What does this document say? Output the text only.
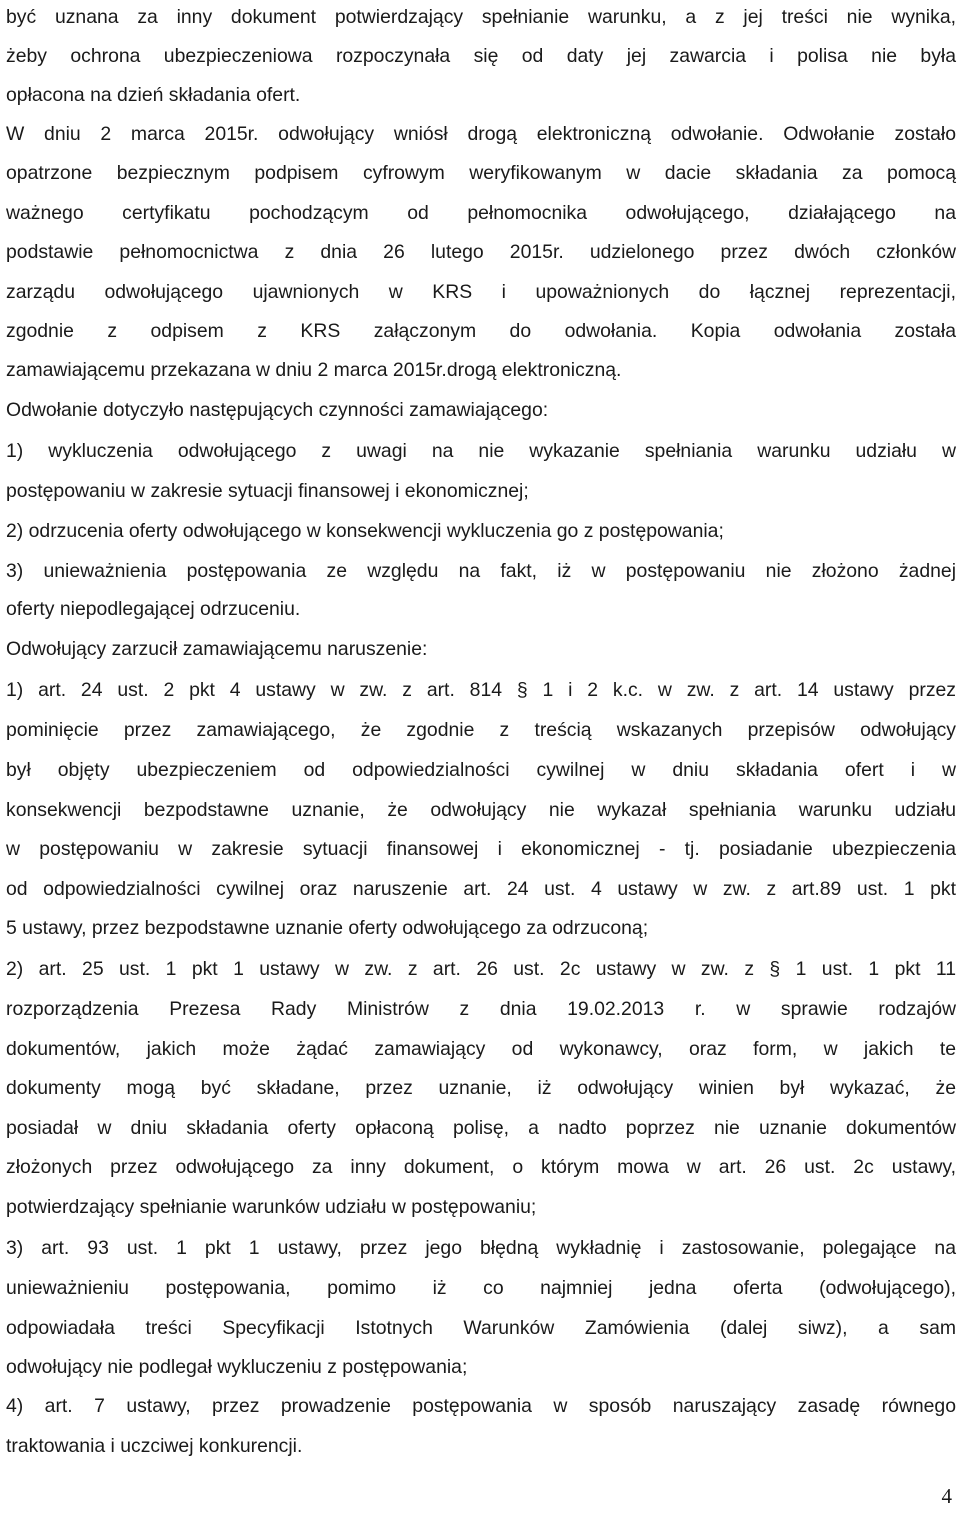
być uznana za inny dokument potwierdzający spełnianie warunku, a z jej treści nie wynika,
żeby ochrona ubezpieczeniowa rozpoczynała się od daty jej zawarcia i polisa nie była
opłacona na dzień składania ofert.
W dniu 2 marca 2015r. odwołujący wniósł drogą elektroniczną odwołanie. Odwołanie zostało
opatrzone bezpiecznym podpisem cyfrowym weryfikowanym w dacie składania za pomocą
ważnego certyfikatu pochodzącym od pełnomocnika odwołującego, działającego na
podstawie pełnomocnictwa z dnia 26 lutego 2015r. udzielonego przez dwóch członków
zarządu odwołującego ujawnionych w KRS i upoważnionych do łącznej reprezentacji,
zgodnie z odpisem z KRS załączonym do odwołania. Kopia odwołania została
zamawiającemu przekazana w dniu 2 marca 2015r.drogą elektroniczną.
Odwołanie dotyczyło następujących czynności zamawiającego:
1) wykluczenia odwołującego z uwagi na nie wykazanie spełniania warunku udziału w
postępowaniu w zakresie sytuacji finansowej i ekonomicznej;
2) odrzucenia oferty odwołującego w konsekwencji wykluczenia go z postępowania;
3) unieważnienia postępowania ze względu na fakt, iż w postępowaniu nie złożono żadnej
oferty niepodlegającej odrzuceniu.
Odwołujący zarzucił zamawiającemu naruszenie:
1) art. 24 ust. 2 pkt 4 ustawy w zw. z art. 814 § 1 i 2 k.c. w zw. z art. 14 ustawy przez
pominięcie przez zamawiającego, że zgodnie z treścią wskazanych przepisów odwołujący
był objęty ubezpieczeniem od odpowiedzialności cywilnej w dniu składania ofert i w
konsekwencji bezpodstawne uznanie, że odwołujący nie wykazał spełniania warunku udziału
w postępowaniu w zakresie sytuacji finansowej i ekonomicznej - tj. posiadanie ubezpieczenia
od odpowiedzialności cywilnej oraz naruszenie art. 24 ust. 4 ustawy w zw. z art.89 ust. 1 pkt
5 ustawy, przez bezpodstawne uznanie oferty odwołującego za odrzuconą;
2) art. 25 ust. 1 pkt 1 ustawy w zw. z art. 26 ust. 2c ustawy w zw. z § 1 ust. 1 pkt 11
rozporządzenia Prezesa Rady Ministrów z dnia 19.02.2013 r. w sprawie rodzajów
dokumentów, jakich może żądać zamawiający od wykonawcy, oraz form, w jakich te
dokumenty mogą być składane, przez uznanie, iż odwołujący winien był wykazać, że
posiadał w dniu składania oferty opłaconą polisę, a nadto poprzez nie uznanie dokumentów
złożonych przez odwołującego za inny dokument, o którym mowa w art. 26 ust. 2c ustawy,
potwierdzający spełnianie warunków udziału w postępowaniu;
3) art. 93 ust. 1 pkt 1 ustawy, przez jego błędną wykładnię i zastosowanie, polegające na
unieważnieniu postępowania, pomimo iż co najmniej jedna oferta (odwołującego),
odpowiadała treści Specyfikacji Istotnych Warunków Zamówienia (dalej siwz), a sam
odwołujący nie podlegał wykluczeniu z postępowania;
4) art. 7 ustawy, przez prowadzenie postępowania w sposób naruszający zasadę równego
traktowania i uczciwej konkurencji.
4
